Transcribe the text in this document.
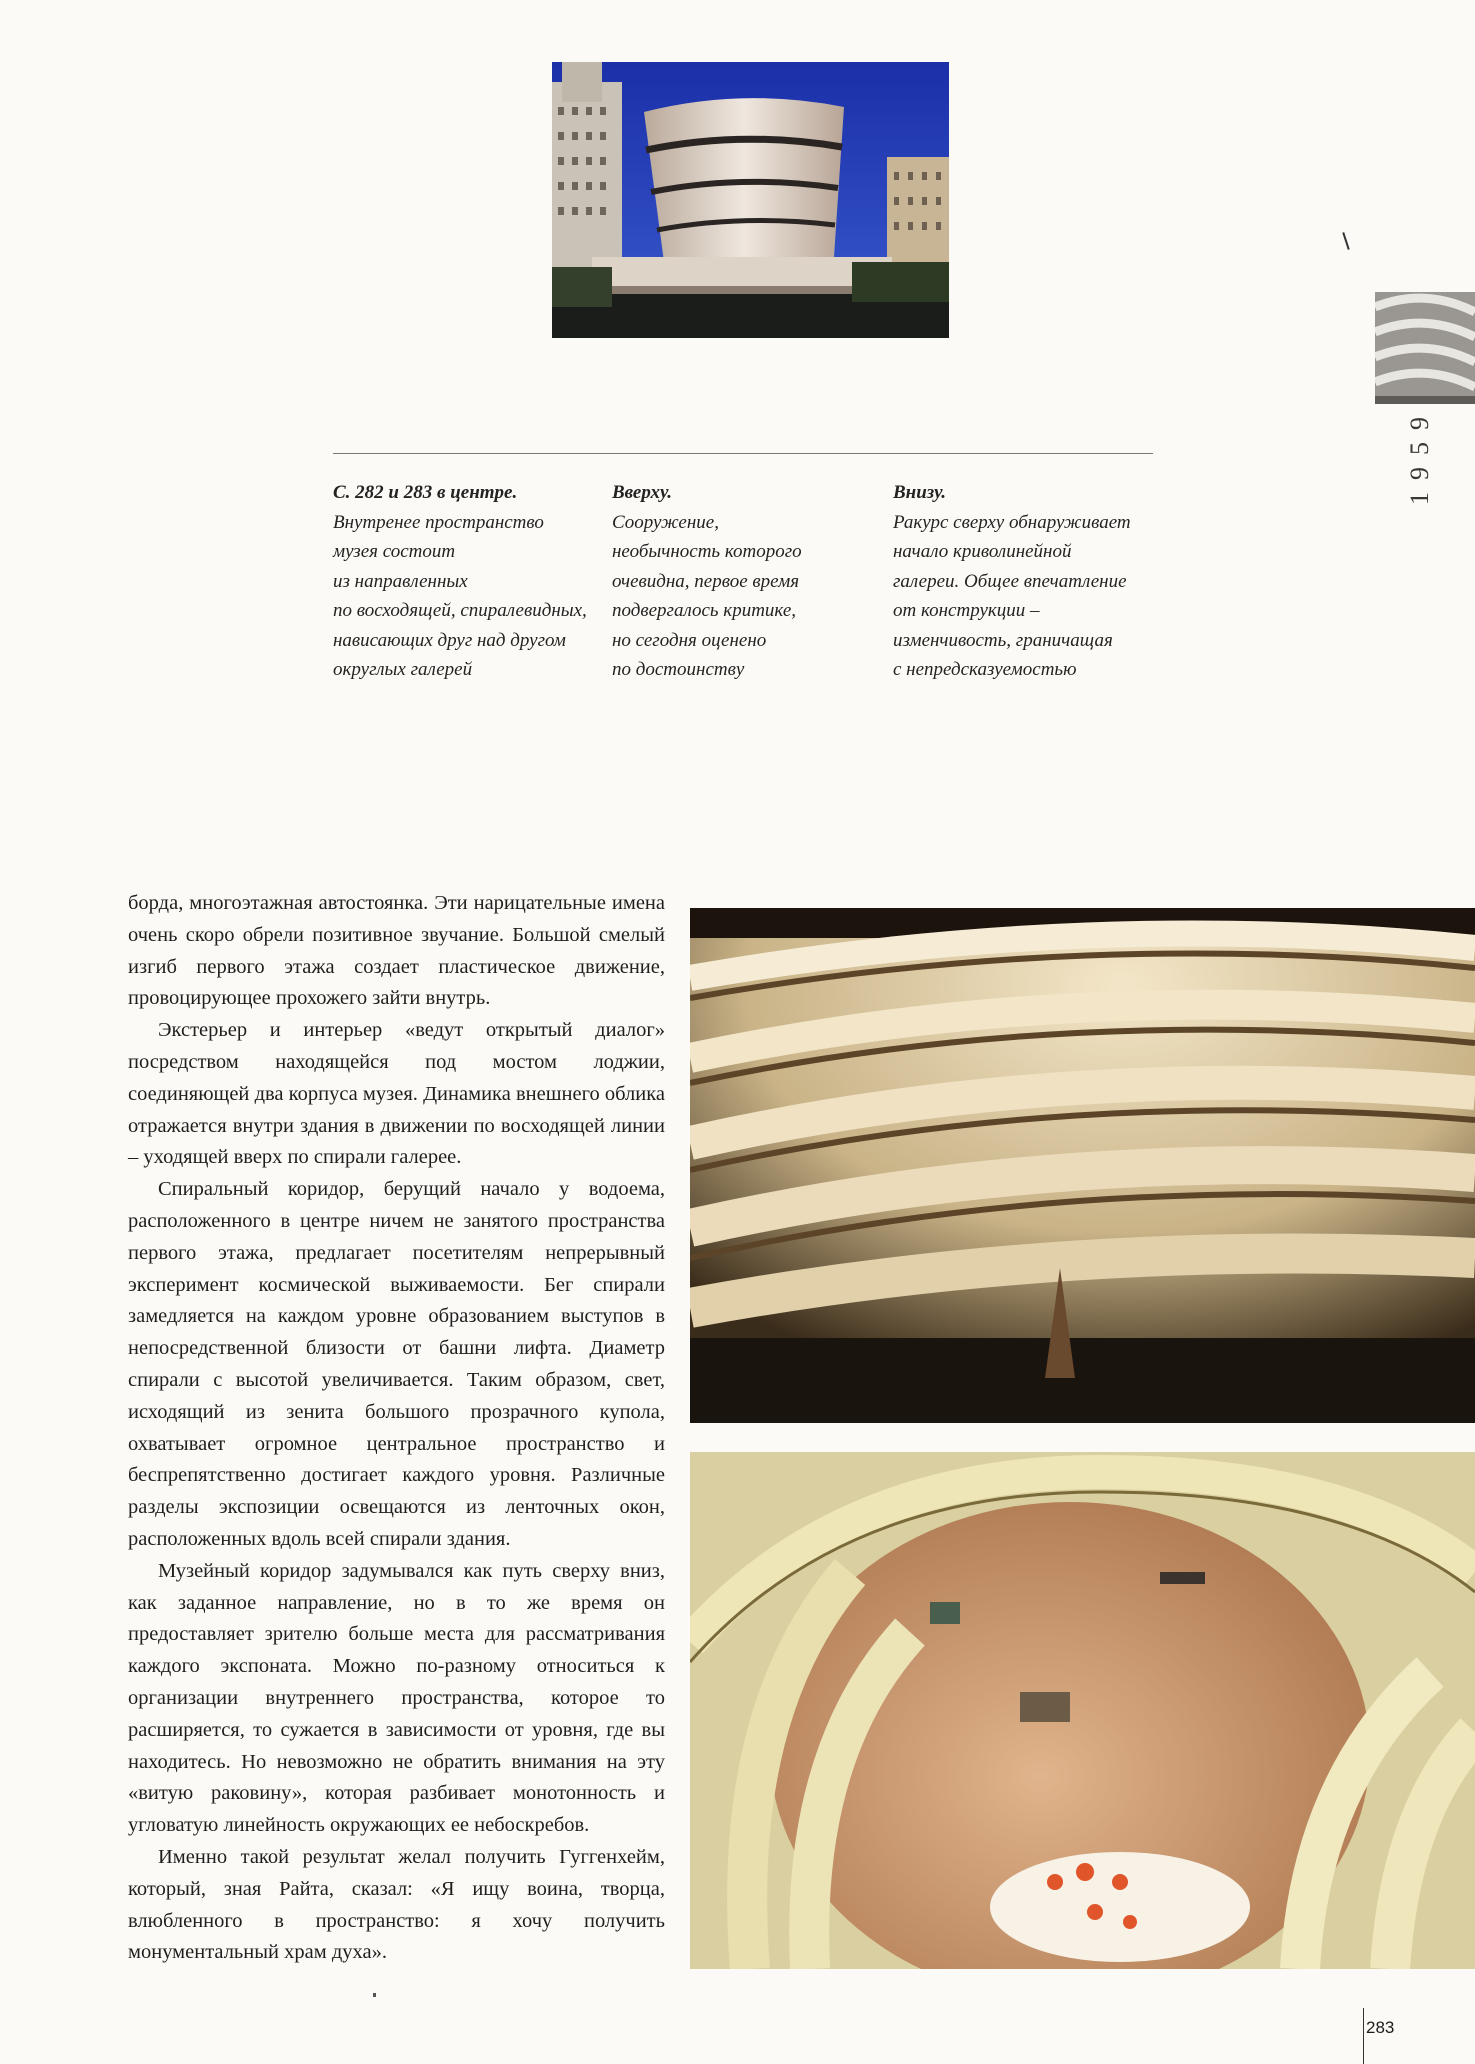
1959
С. 282 и 283 в центре.
Внутренее пространство
музея состоит
из направленных
по восходящей, спиралевидных,
нависающих друг над другом
округлых галерей
Вверху.
Сооружение,
необычность которого
очевидна, первое время
подвергалось критике,
но сегодня оценено
по достоинству
Внизу.
Ракурс сверху обнаруживает
начало криволинейной
галереи. Общее впечатление
от конструкции –
изменчивость, граничащая
с непредсказуемостью

борда, многоэтажная автостоянка. Эти нарицательные имена очень скоро обрели позитивное звучание. Большой смелый изгиб первого этажа создает пластическое движение, провоцирующее прохожего зайти внутрь.

Экстерьер и интерьер «ведут открытый диалог» посредством находящейся под мостом лоджии, соединяющей два корпуса музея. Динамика внешнего облика отражается внутри здания в движении по восходящей линии – уходящей вверх по спирали галерее.

Спиральный коридор, берущий начало у водоема, расположенного в центре ничем не занятого пространства первого этажа, предлагает посетителям непрерывный эксперимент космической выживаемости. Бег спирали замедляется на каждом уровне образованием выступов в непосредственной близости от башни лифта. Диаметр спирали с высотой увеличивается. Таким образом, свет, исходящий из зенита большого прозрачного купола, охватывает огромное центральное пространство и беспрепятственно достигает каждого уровня. Различные разделы экспозиции освещаются из ленточных окон, расположенных вдоль всей спирали здания.

Музейный коридор задумывался как путь сверху вниз, как заданное направление, но в то же время он предоставляет зрителю больше места для рассматривания каждого экспоната. Можно по-разному относиться к организации внутреннего пространства, которое то расширяется, то сужается в зависимости от уровня, где вы находитесь. Но невозможно не обратить внимания на эту «витую раковину», которая разбивает монотонность и угловатую линейность окружающих ее небоскребов.

Именно такой результат желал получить Гуггенхейм, который, зная Райта, сказал: «Я ищу воина, творца, влюбленного в пространство: я хочу получить монументальный храм духа».

283
